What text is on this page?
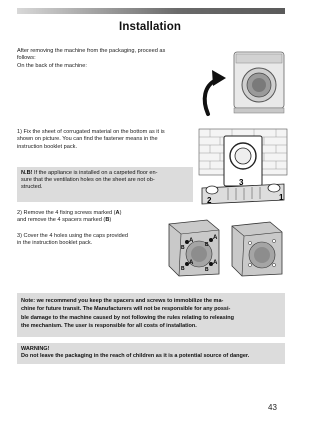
Installation
After removing the machine from the packaging, proceed as
follows:
On the back of the machine:
1) Fix the sheet of corrugated material on the bottom as it is
shown on picture. You can find the fastener means in the
instruction booklet pack.
N.B! If the appliance is installed on a carpeted floor en-
sure that the ventilation holes on the sheet are not ob-
structed.
2
3
1
2) Remove the 4 fixing screws marked (A)
and remove the 4 spacers marked (B)
3) Cover the 4 holes using the caps provided
in the instruction booklet pack.	A
B
A
B
A
B
A
B
Note: we recommend you keep the spacers and screws to immobilize the ma-
chine for future transit. The Manufacturers will not be responsible for any possi-
ble damage to the machine caused by not following the rules relating to releasing
the mechanism. The user is responsible for all costs of installation.
WARNING!
Do not leave the packaging in the reach of children as it is a potential source of danger.
43
